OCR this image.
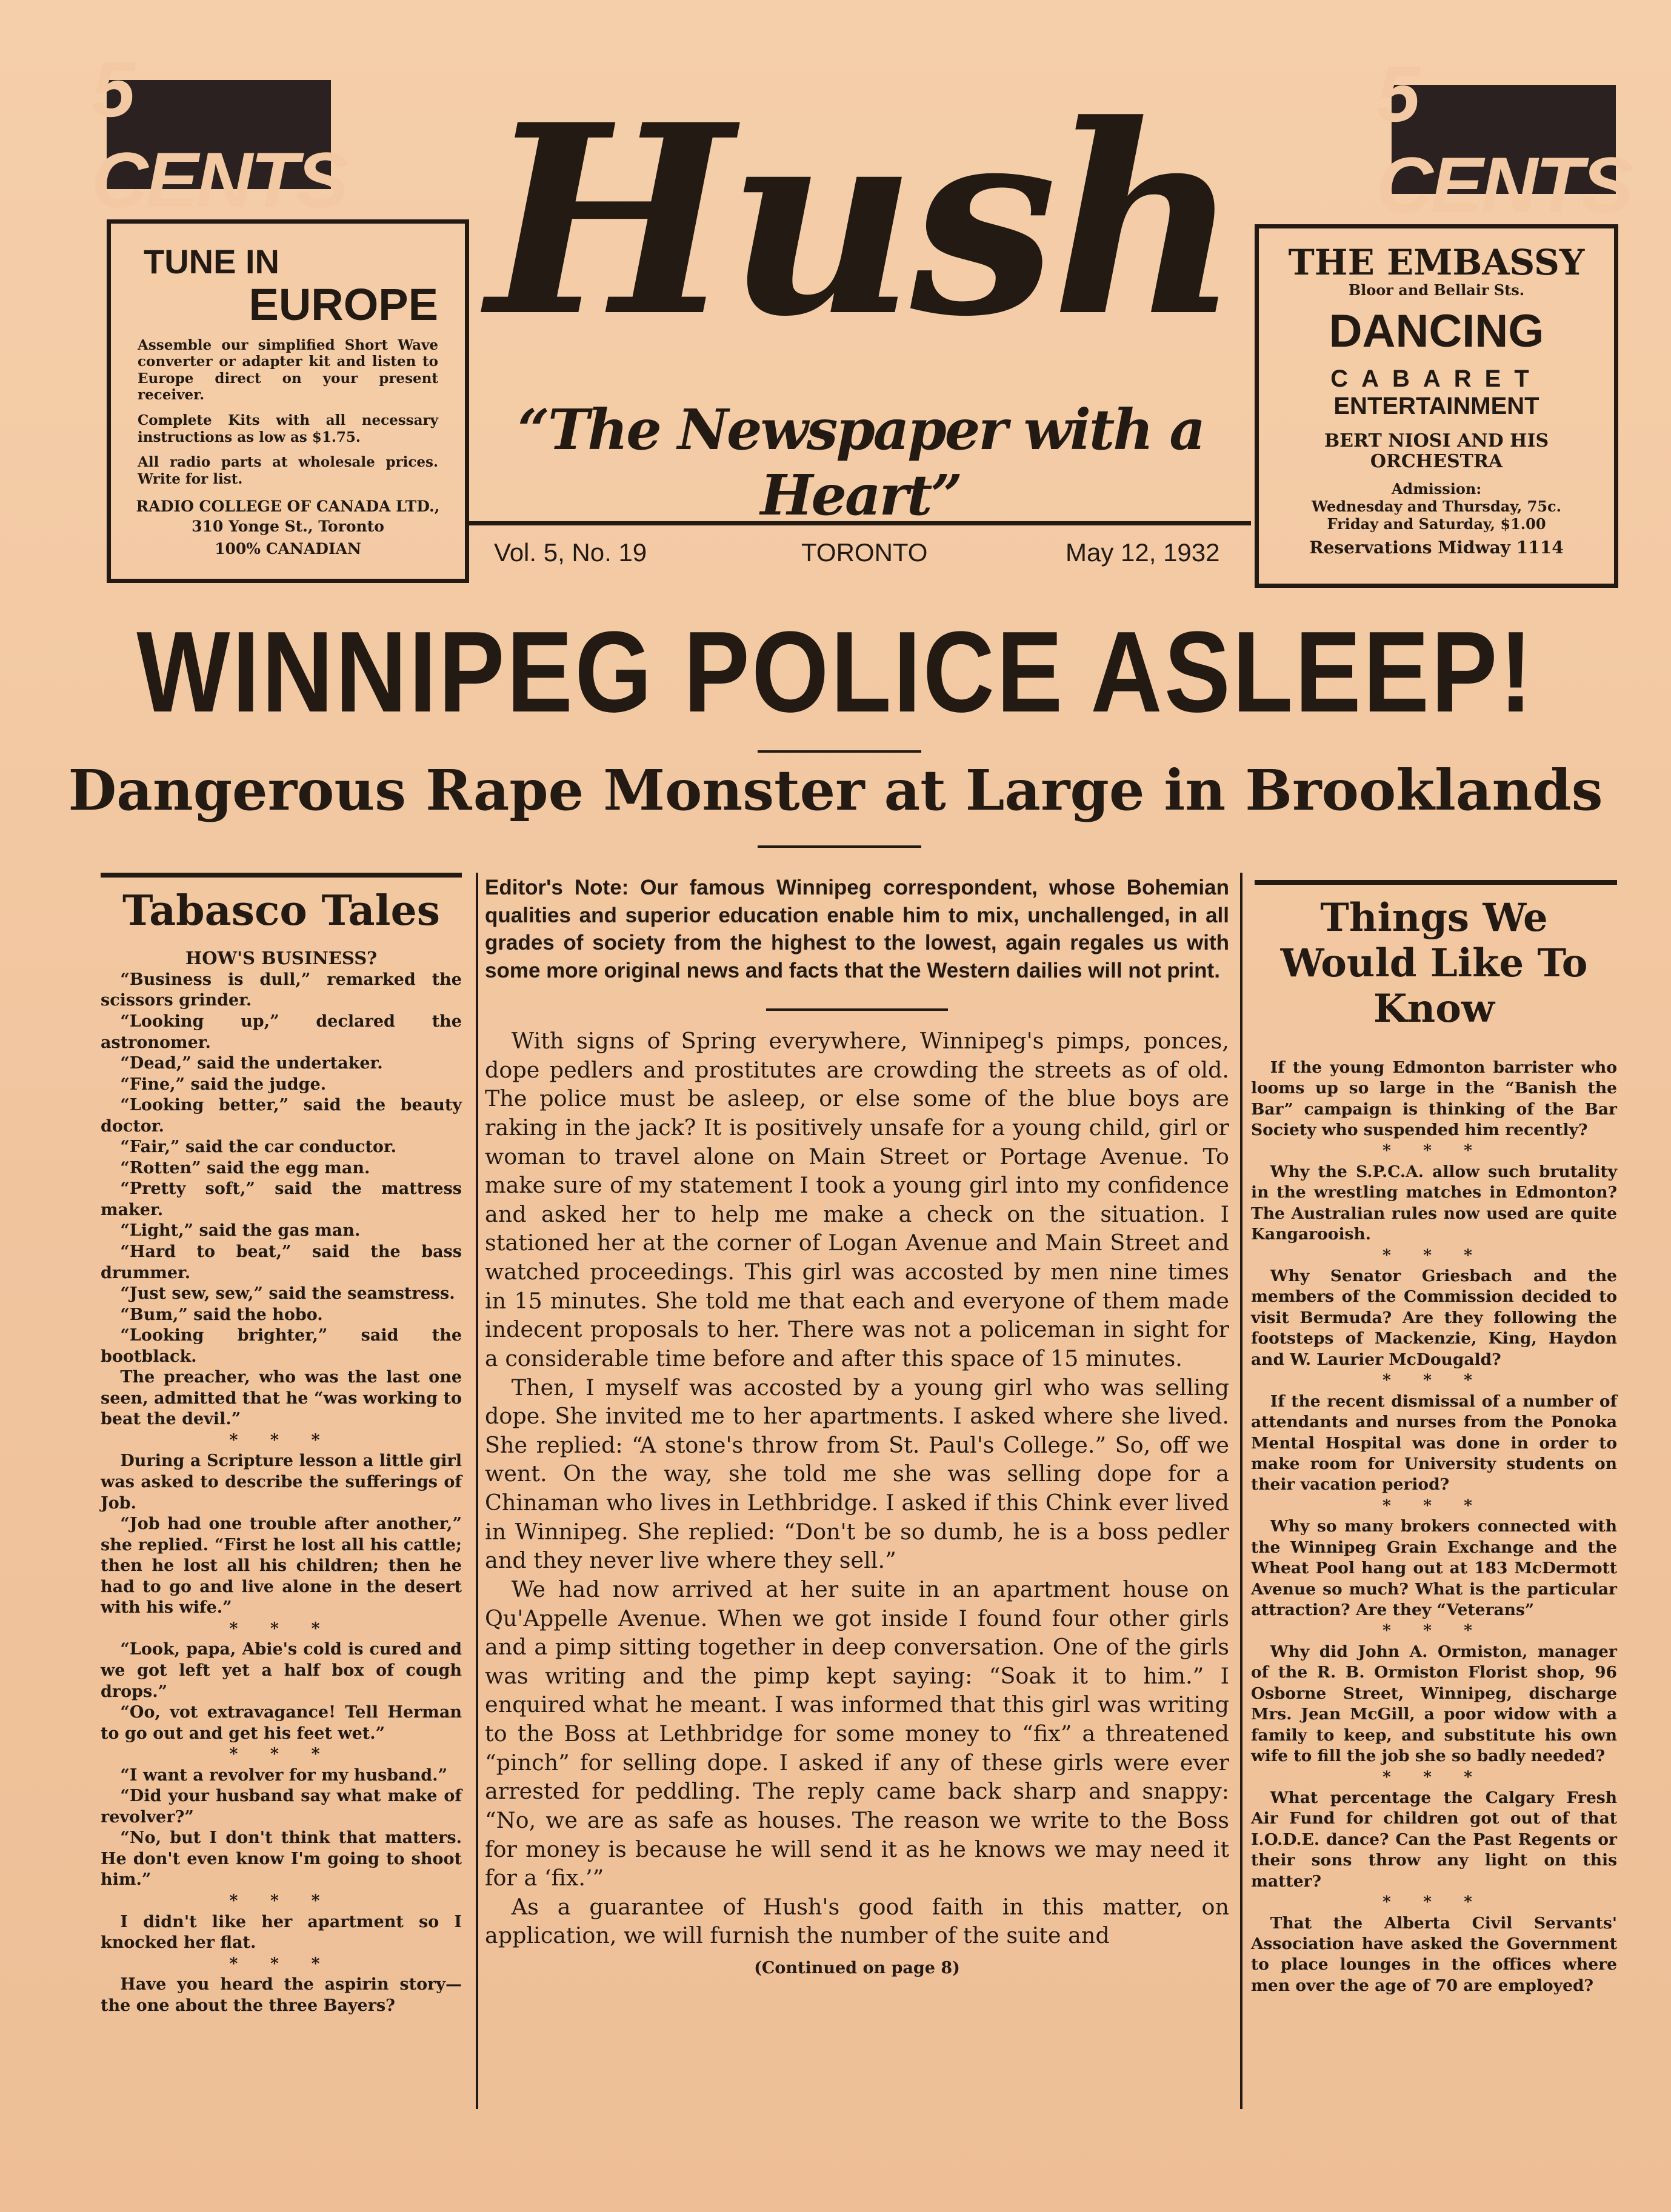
5 CENTS
5 CENTS
TUNE IN
EUROPE
Assemble our simplified Short Wave converter or adapter kit and listen to Europe direct on your present receiver.
Complete Kits with all necessary instructions as low as $1.75.
All radio parts at wholesale prices. Write for list.
RADIO COLLEGE OF CANADA LTD., 310 Yonge St., Toronto
100% CANADIAN
Hush
“The Newspaper with a Heart”
Vol. 5, No. 19	TORONTO	May 12, 1932
THE EMBASSY
Bloor and Bellair Sts.
DANCING
CABARET
ENTERTAINMENT
BERT NIOSI AND HIS ORCHESTRA
Admission:
Wednesday and Thursday, 75c.
Friday and Saturday, $1.00
Reservations Midway 1114
WINNIPEG POLICE ASLEEP!
Dangerous Rape Monster at Large in Brooklands
Tabasco Tales
HOW'S BUSINESS?

“Business is dull,” remarked the scissors grinder.

“Looking up,” declared the astronomer.

“Dead,” said the undertaker.

“Fine,” said the judge.

“Looking better,” said the beauty doctor.

“Fair,” said the car conductor.

“Rotten” said the egg man.

“Pretty soft,” said the mattress maker.

“Light,” said the gas man.

“Hard to beat,” said the bass drummer.

“Just sew, sew,” said the seamstress.

“Bum,” said the hobo.

“Looking brighter,” said the bootblack.

The preacher, who was the last one seen, admitted that he “was working to beat the devil.”

* * *

During a Scripture lesson a little girl was asked to describe the sufferings of Job.

“Job had one trouble after another,” she replied. “First he lost all his cattle; then he lost all his children; then he had to go and live alone in the desert with his wife.”

* * *

“Look, papa, Abie's cold is cured and we got left yet a half box of cough drops.”

“Oo, vot extravagance! Tell Herman to go out and get his feet wet.”

* * *

“I want a revolver for my husband.”

“Did your husband say what make of revolver?”

“No, but I don't think that matters. He don't even know I'm going to shoot him.”

* * *

I didn't like her apartment so I knocked her flat.

* * *

Have you heard the aspirin story—the one about the three Bayers?

Editor's Note: Our famous Winnipeg correspondent, whose Bohemian qualities and superior education enable him to mix, unchallenged, in all grades of society from the highest to the lowest, again regales us with some more original news and facts that the Western dailies will not print.

With signs of Spring everywhere, Winnipeg's pimps, ponces, dope pedlers and prostitutes are crowding the streets as of old. The police must be asleep, or else some of the blue boys are raking in the jack? It is positively unsafe for a young child, girl or woman to travel alone on Main Street or Portage Avenue. To make sure of my statement I took a young girl into my confidence and asked her to help me make a check on the situation. I stationed her at the corner of Logan Avenue and Main Street and watched proceedings. This girl was accosted by men nine times in 15 minutes. She told me that each and everyone of them made indecent proposals to her. There was not a policeman in sight for a considerable time before and after this space of 15 minutes.

Then, I myself was accosted by a young girl who was selling dope. She invited me to her apartments. I asked where she lived. She replied: “A stone's throw from St. Paul's College.” So, off we went. On the way, she told me she was selling dope for a Chinaman who lives in Lethbridge. I asked if this Chink ever lived in Winnipeg. She replied: “Don't be so dumb, he is a boss pedler and they never live where they sell.”

We had now arrived at her suite in an apartment house on Qu'Appelle Avenue. When we got inside I found four other girls and a pimp sitting together in deep conversation. One of the girls was writing and the pimp kept saying: “Soak it to him.” I enquired what he meant. I was informed that this girl was writing to the Boss at Lethbridge for some money to “fix” a threatened “pinch” for selling dope. I asked if any of these girls were ever arrested for peddling. The reply came back sharp and snappy: “No, we are as safe as houses. The reason we write to the Boss for money is because he will send it as he knows we may need it for a ‘fix.’”

As a guarantee of Hush's good faith in this matter, on application, we will furnish the number of the suite and

(Continued on page 8)
Things We Would Like To Know

If the young Edmonton barrister who looms up so large in the “Banish the Bar” campaign is thinking of the Bar Society who suspended him recently?

* * *

Why the S.P.C.A. allow such brutality in the wrestling matches in Edmonton? The Australian rules now used are quite Kangarooish.

* * *

Why Senator Griesbach and the members of the Commission decided to visit Bermuda? Are they following the footsteps of Mackenzie, King, Haydon and W. Laurier McDougald?

* * *

If the recent dismissal of a number of attendants and nurses from the Ponoka Mental Hospital was done in order to make room for University students on their vacation period?

* * *

Why so many brokers connected with the Winnipeg Grain Exchange and the Wheat Pool hang out at 183 McDermott Avenue so much? What is the particular attraction? Are they “Veterans”

* * *

Why did John A. Ormiston, manager of the R. B. Ormiston Florist shop, 96 Osborne Street, Winnipeg, discharge Mrs. Jean McGill, a poor widow with a family to keep, and substitute his own wife to fill the job she so badly needed?

* * *

What percentage the Calgary Fresh Air Fund for children got out of that I.O.D.E. dance? Can the Past Regents or their sons throw any light on this matter?

* * *

That the Alberta Civil Servants' Association have asked the Government to place lounges in the offices where men over the age of 70 are employed?
